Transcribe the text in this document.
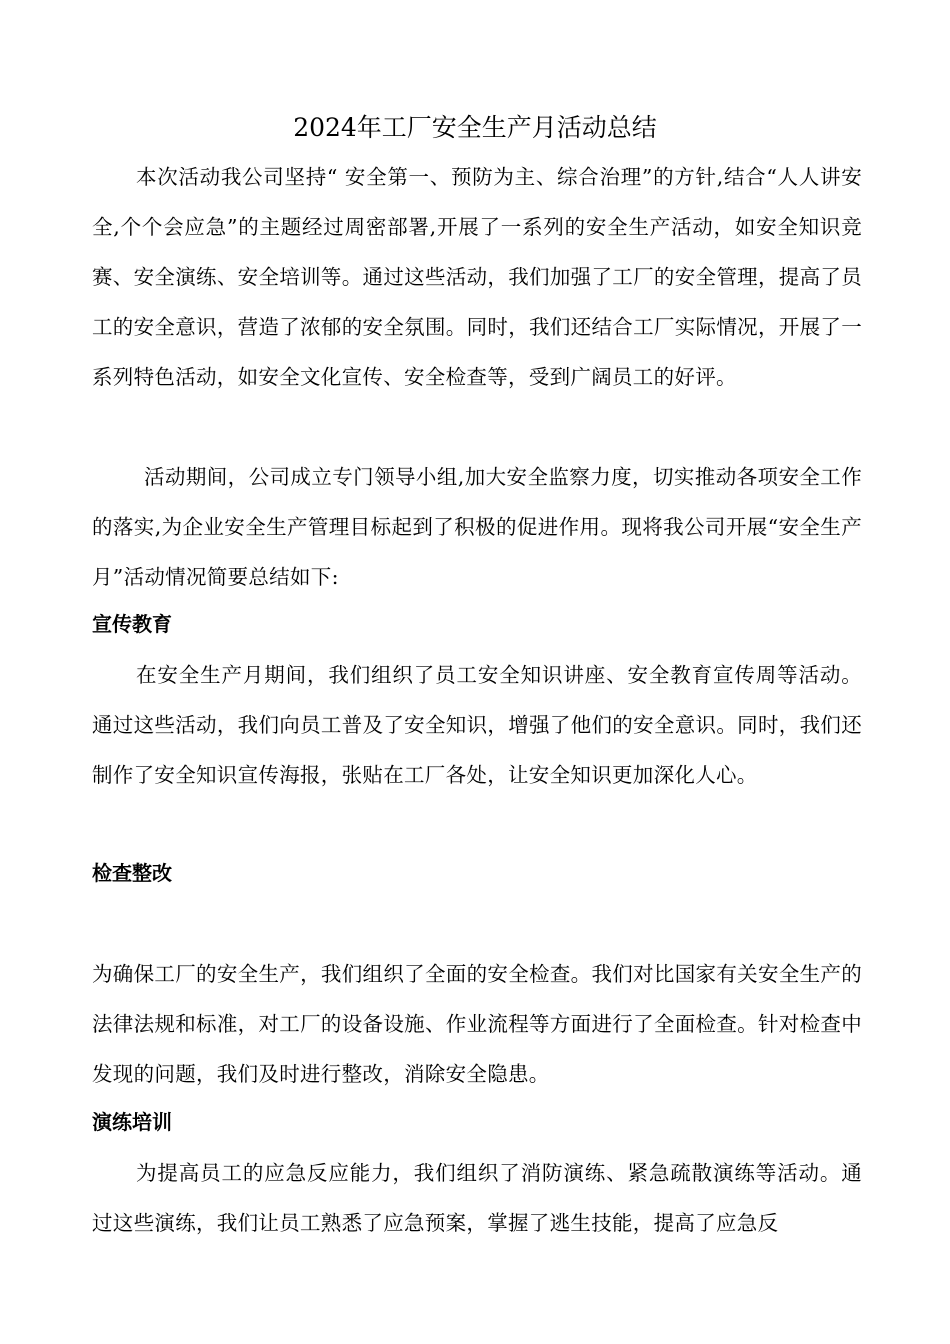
2024年工厂安全生产月活动总结

本次活动我公司坚持“ 安全第一、预防为主、综合治理”的方针,结合“人人讲安全,个个会应急”的主题经过周密部署,开展了一系列的安全生产活动，如安全知识竞赛、安全演练、安全培训等。通过这些活动，我们加强了工厂的安全管理，提高了员工的安全意识，营造了浓郁的安全氛围。同时，我们还结合工厂实际情况，开展了一系列特色活动，如安全文化宣传、安全检查等，受到广阔员工的好评。

活动期间，公司成立专门领导小组,加大安全监察力度，切实推动各项安全工作的落实,为企业安全生产管理目标起到了积极的促进作用。现将我公司开展“安全生产月”活动情况简要总结如下:

宣传教育

在安全生产月期间，我们组织了员工安全知识讲座、安全教育宣传周等活动。通过这些活动，我们向员工普及了安全知识，增强了他们的安全意识。同时，我们还制作了安全知识宣传海报，张贴在工厂各处，让安全知识更加深化人心。

检查整改

为确保工厂的安全生产，我们组织了全面的安全检查。我们对比国家有关安全生产的法律法规和标准，对工厂的设备设施、作业流程等方面进行了全面检查。针对检查中发现的问题，我们及时进行整改，消除安全隐患。

演练培训

为提高员工的应急反应能力，我们组织了消防演练、紧急疏散演练等活动。通过这些演练，我们让员工熟悉了应急预案，掌握了逃生技能，提高了应急反
